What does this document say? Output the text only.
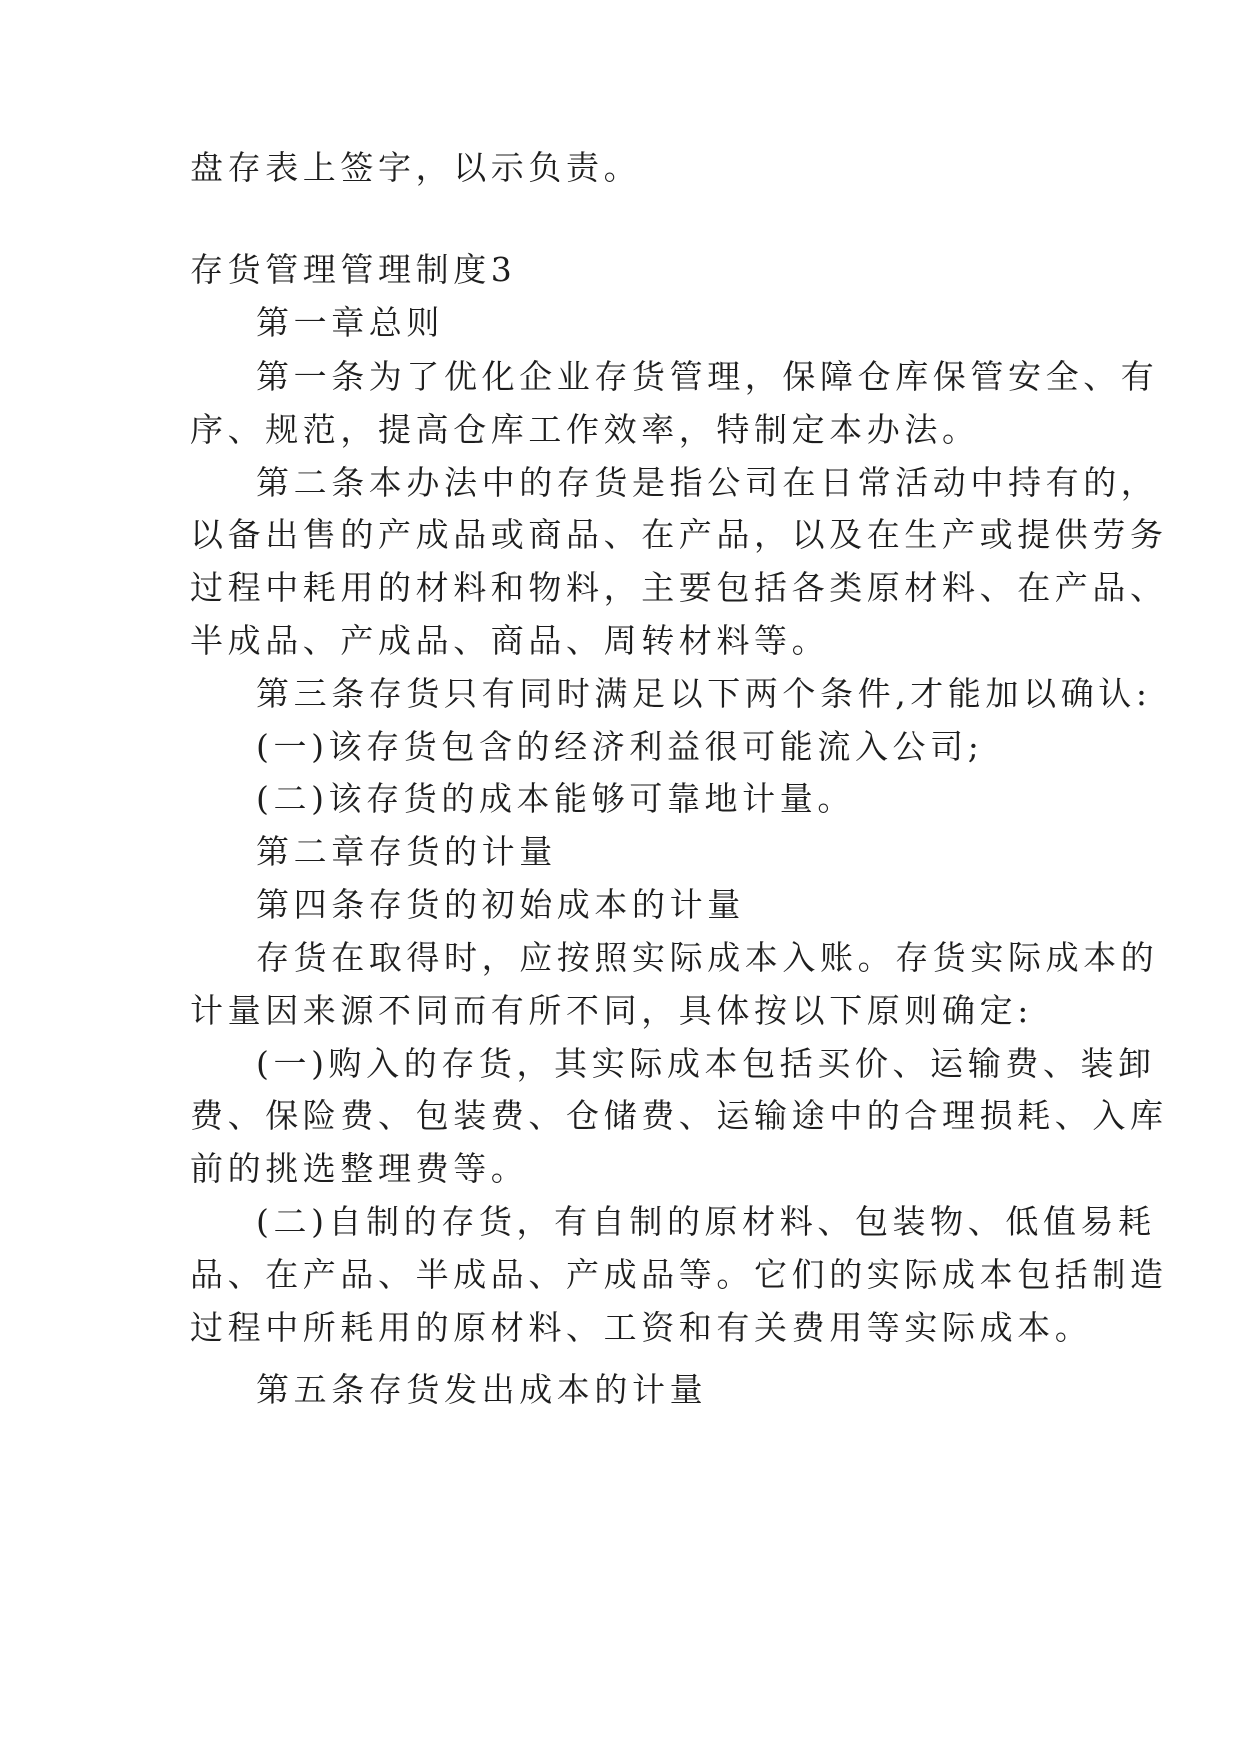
盘存表上签字，以示负责。
存货管理管理制度3
第一章总则
第一条为了优化企业存货管理，保障仓库保管安全、有
序、规范，提高仓库工作效率，特制定本办法。
第二条本办法中的存货是指公司在日常活动中持有的，
以备出售的产成品或商品、在产品，以及在生产或提供劳务
过程中耗用的材料和物料，主要包括各类原材料、在产品、
半成品、产成品、商品、周转材料等。
第三条存货只有同时满足以下两个条件,才能加以确认:
(一)该存货包含的经济利益很可能流入公司;
(二)该存货的成本能够可靠地计量。
第二章存货的计量
第四条存货的初始成本的计量
存货在取得时，应按照实际成本入账。存货实际成本的
计量因来源不同而有所不同，具体按以下原则确定:
(一)购入的存货，其实际成本包括买价、运输费、装卸
费、保险费、包装费、仓储费、运输途中的合理损耗、入库
前的挑选整理费等。
(二)自制的存货，有自制的原材料、包装物、低值易耗
品、在产品、半成品、产成品等。它们的实际成本包括制造
过程中所耗用的原材料、工资和有关费用等实际成本。
第五条存货发出成本的计量
